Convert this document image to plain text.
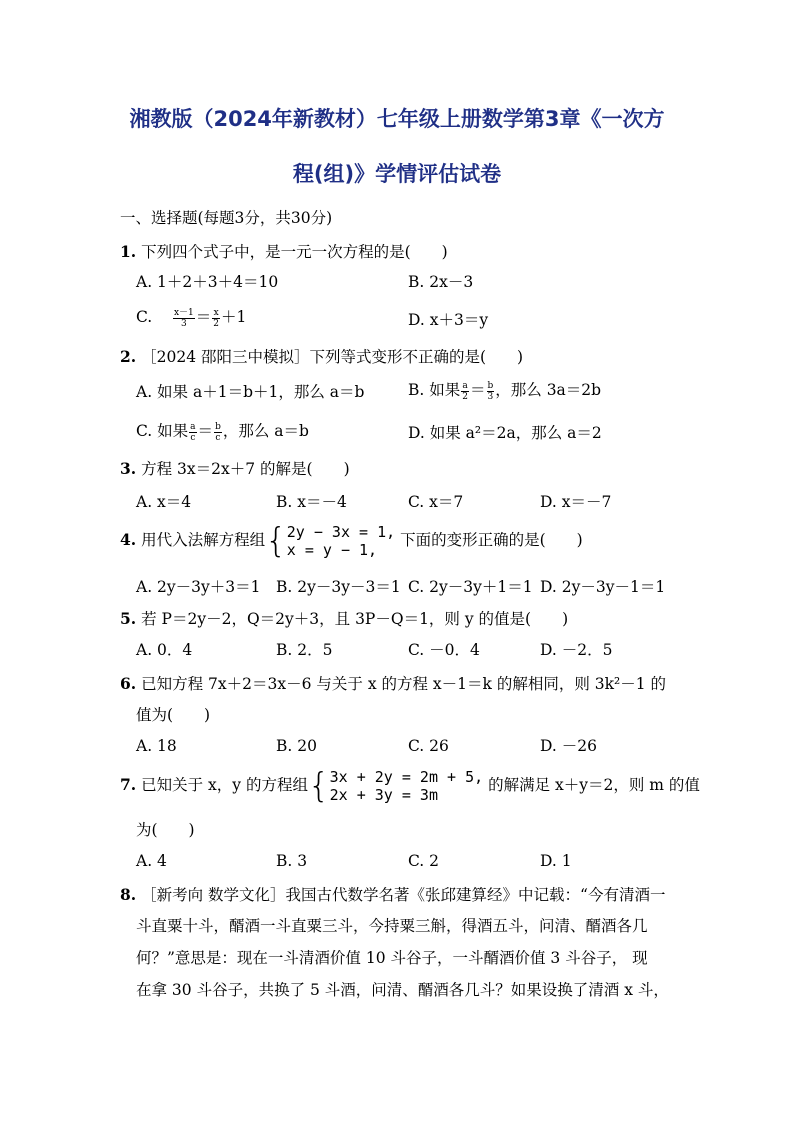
湘教版（2024年新教材）七年级上册数学第3章《一次方
程(组)》学情评估试卷
一、选择题(每题3分，共30分)
1. 下列四个式子中，是一元一次方程的是(　　)
A. 1＋2＋3＋4＝10	B. 2x－3
C. $\frac{x-1}{3} = \frac{x}{2} +1$	D. x＋3＝y
2. ［2024 邵阳三中模拟］下列等式变形不正确的是(　　)
A. 如果 a＋1＝b＋1，那么 a＝b	B. 如果 $\frac{a}{2} = \frac{b}{3}$ ，那么 3a＝2b
C. 如果 $\frac{a}{c} = \frac{b}{c}$ ，那么 a＝b	D. 如果 a²＝2a，那么 a＝2
3. 方程 3x＝2x＋7 的解是(　　)
A. x＝4	B. x＝－4	C. x＝7	D. x＝－7
4. 用代入法解方程组{ 2y − 3x = 1,
x = y − 1,
下面的变形正确的是(　　)
A. 2y－3y＋3＝1 B. 2y－3y－3＝1 C. 2y－3y＋1＝1 D. 2y－3y－1＝1
5. 若 P＝2y－2，Q＝2y＋3，且 3P－Q＝1，则 y 的值是(　　)
A. 0．4	B. 2．5	C. －0．4	D. －2．5
6. 已知方程 7x＋2＝3x－6 与关于 x 的方程 x－1＝k 的解相同，则 3k²－1 的
值为(　　)
A. 18	B. 20	C. 26	D. －26
7. 已知关于 x，y 的方程组{ 3x + 2y = 2m + 5,
2x + 3y = 3m
的解满足 x＋y＝2，则 m 的值
为(　　)
A. 4	B. 3	C. 2	D. 1
8. ［新考向 数学文化］我国古代数学名著《张邱建算经》中记载：“今有清酒一
斗直粟十斗，醑酒一斗直粟三斗，今持粟三斛，得酒五斗，问清、醑酒各几
何？”意思是：现在一斗清酒价值 10 斗谷子，一斗醑酒价值 3 斗谷子， 现
在拿 30 斗谷子，共换了 5 斗酒，问清、醑酒各几斗？如果设换了清酒 x 斗，
